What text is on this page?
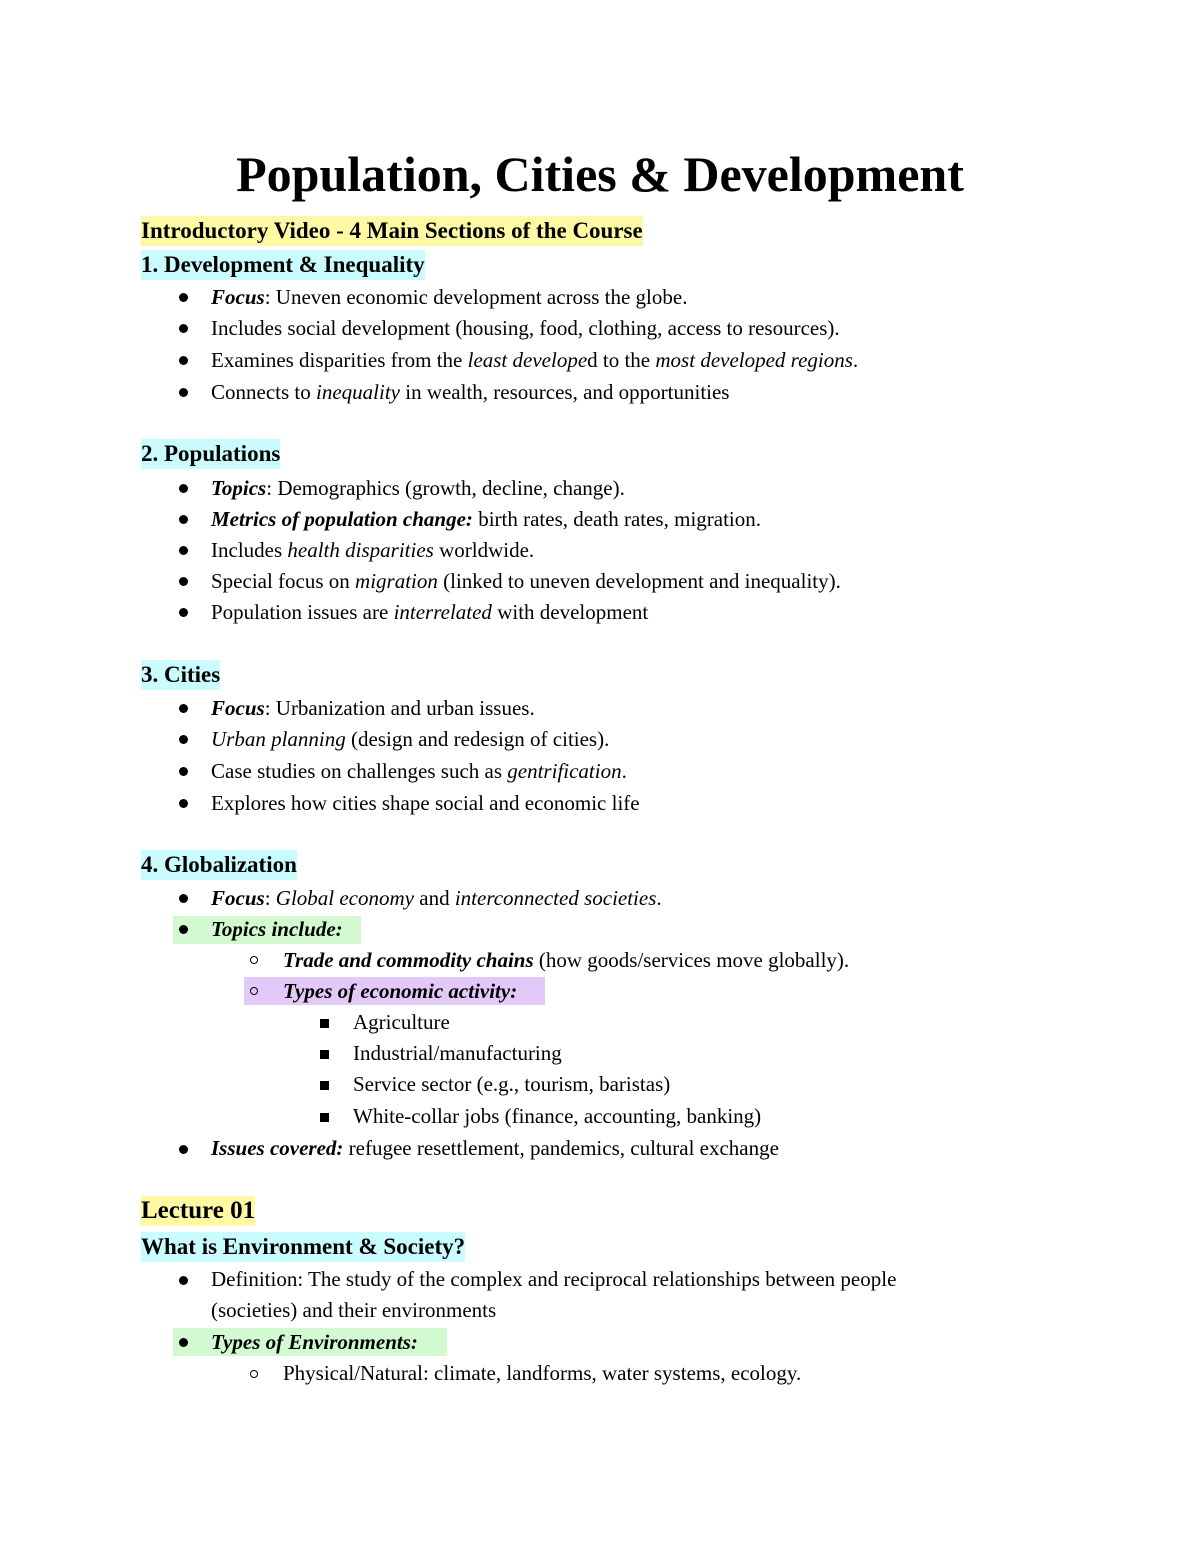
Population, Cities & Development
Introductory Video - 4 Main Sections of the Course
1. Development & Inequality
Focus: Uneven economic development across the globe.
Includes social development (housing, food, clothing, access to resources).
Examines disparities from the least developed to the most developed regions.
Connects to inequality in wealth, resources, and opportunities
2. Populations
Topics: Demographics (growth, decline, change).
Metrics of population change: birth rates, death rates, migration.
Includes health disparities worldwide.
Special focus on migration (linked to uneven development and inequality).
Population issues are interrelated with development
3. Cities
Focus: Urbanization and urban issues.
Urban planning (design and redesign of cities).
Case studies on challenges such as gentrification.
Explores how cities shape social and economic life
4. Globalization
Focus: Global economy and interconnected societies.
Topics include:
Trade and commodity chains (how goods/services move globally).
Types of economic activity:
Agriculture
Industrial/manufacturing
Service sector (e.g., tourism, baristas)
White-collar jobs (finance, accounting, banking)
Issues covered: refugee resettlement, pandemics, cultural exchange
Lecture 01
What is Environment & Society?
Definition: The study of the complex and reciprocal relationships between people
(societies) and their environments
Types of Environments:
Physical/Natural: climate, landforms, water systems, ecology.
